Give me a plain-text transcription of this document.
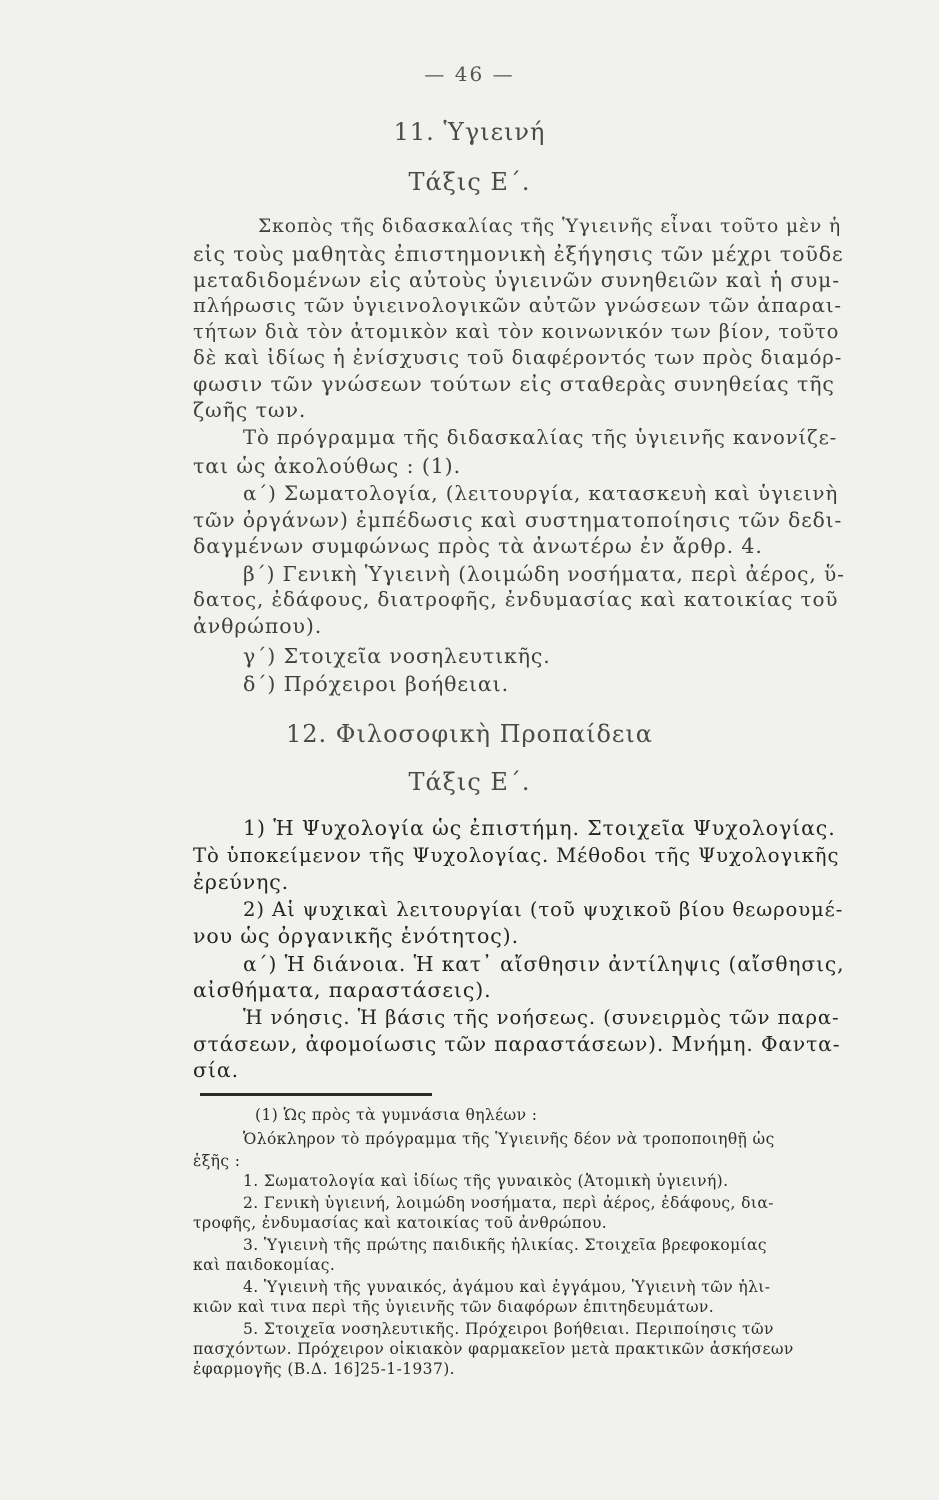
— 46 —
11. Ὑγιεινή
Τάξις Ε΄.
Σκοπὸς τῆς διδασκαλίας τῆς Ὑγιεινῆς εἶναι τοῦτο μὲν ἡ
εἰς τοὺς μαθητὰς ἐπιστημονικὴ ἐξήγησις τῶν μέχρι τοῦδε
μεταδιδομένων εἰς αὐτοὺς ὑγιεινῶν συνηθειῶν καὶ ἡ συμ-
πλήρωσις τῶν ὑγιεινολογικῶν αὐτῶν γνώσεων τῶν ἀπαραι-
τήτων διὰ τὸν ἀτομικὸν καὶ τὸν κοινωνικόν των βίον, τοῦτο
δὲ καὶ ἰδίως ἡ ἐνίσχυσις τοῦ διαφέροντός των πρὸς διαμόρ-
φωσιν τῶν γνώσεων τούτων εἰς σταθερὰς συνηθείας τῆς
ζωῆς των.
Τὸ πρόγραμμα τῆς διδασκαλίας τῆς ὑγιεινῆς κανονίζε-
ται ὡς ἀκολούθως : (1).
α΄) Σωματολογία, (λειτουργία, κατασκευὴ καὶ ὑγιεινὴ
τῶν ὀργάνων) ἐμπέδωσις καὶ συστηματοποίησις τῶν δεδι-
δαγμένων συμφώνως πρὸς τὰ ἀνωτέρω ἐν ἄρθρ. 4.
β΄) Γενικὴ Ὑγιεινὴ (λοιμώδη νοσήματα, περὶ ἀέρος, ὕ-
δατος, ἐδάφους, διατροφῆς, ἐνδυμασίας καὶ κατοικίας τοῦ
ἀνθρώπου).
γ΄) Στοιχεῖα νοσηλευτικῆς.
δ΄) Πρόχειροι βοήθειαι.
12. Φιλοσοφικὴ Προπαίδεια
Τάξις Ε΄.
1) Ἡ Ψυχολογία ὡς ἐπιστήμη. Στοιχεῖα Ψυχολογίας.
Τὸ ὑποκείμενον τῆς Ψυχολογίας. Μέθοδοι τῆς Ψυχολογικῆς
ἐρεύνης.
2) Αἱ ψυχικαὶ λειτουργίαι (τοῦ ψυχικοῦ βίου θεωρουμέ-
νου ὡς ὀργανικῆς ἑνότητος).
α΄) Ἡ διάνοια. Ἡ κατ᾽ αἴσθησιν ἀντίληψις (αἴσθησις,
αἰσθήματα, παραστάσεις).
Ἡ νόησις. Ἡ βάσις τῆς νοήσεως. (συνειρμὸς τῶν παρα-
στάσεων, ἀφομοίωσις τῶν παραστάσεων). Μνήμη. Φαντα-
σία.
(1) Ὡς πρὸς τὰ γυμνάσια θηλέων :
Ὁλόκληρον τὸ πρόγραμμα τῆς Ὑγιεινῆς δέον νὰ τροποποιηθῇ ὡς
ἑξῆς :
1. Σωματολογία καὶ ἰδίως τῆς γυναικὸς (Ἀτομικὴ ὑγιεινή).
2. Γενικὴ ὑγιεινή, λοιμώδη νοσήματα, περὶ ἀέρος, ἐδάφους, δια-
τροφῆς, ἐνδυμασίας καὶ κατοικίας τοῦ ἀνθρώπου.
3. Ὑγιεινὴ τῆς πρώτης παιδικῆς ἡλικίας. Στοιχεῖα βρεφοκομίας
καὶ παιδοκομίας.
4. Ὑγιεινὴ τῆς γυναικός, ἀγάμου καὶ ἐγγάμου, Ὑγιεινὴ τῶν ἡλι-
κιῶν καὶ τινα περὶ τῆς ὑγιεινῆς τῶν διαφόρων ἐπιτηδευμάτων.
5. Στοιχεῖα νοσηλευτικῆς. Πρόχειροι βοήθειαι. Περιποίησις τῶν
πασχόντων. Πρόχειρον οἰκιακὸν φαρμακεῖον μετὰ πρακτικῶν ἀσκήσεων
ἐφαρμογῆς (Β.Δ. 16]25-1-1937).
